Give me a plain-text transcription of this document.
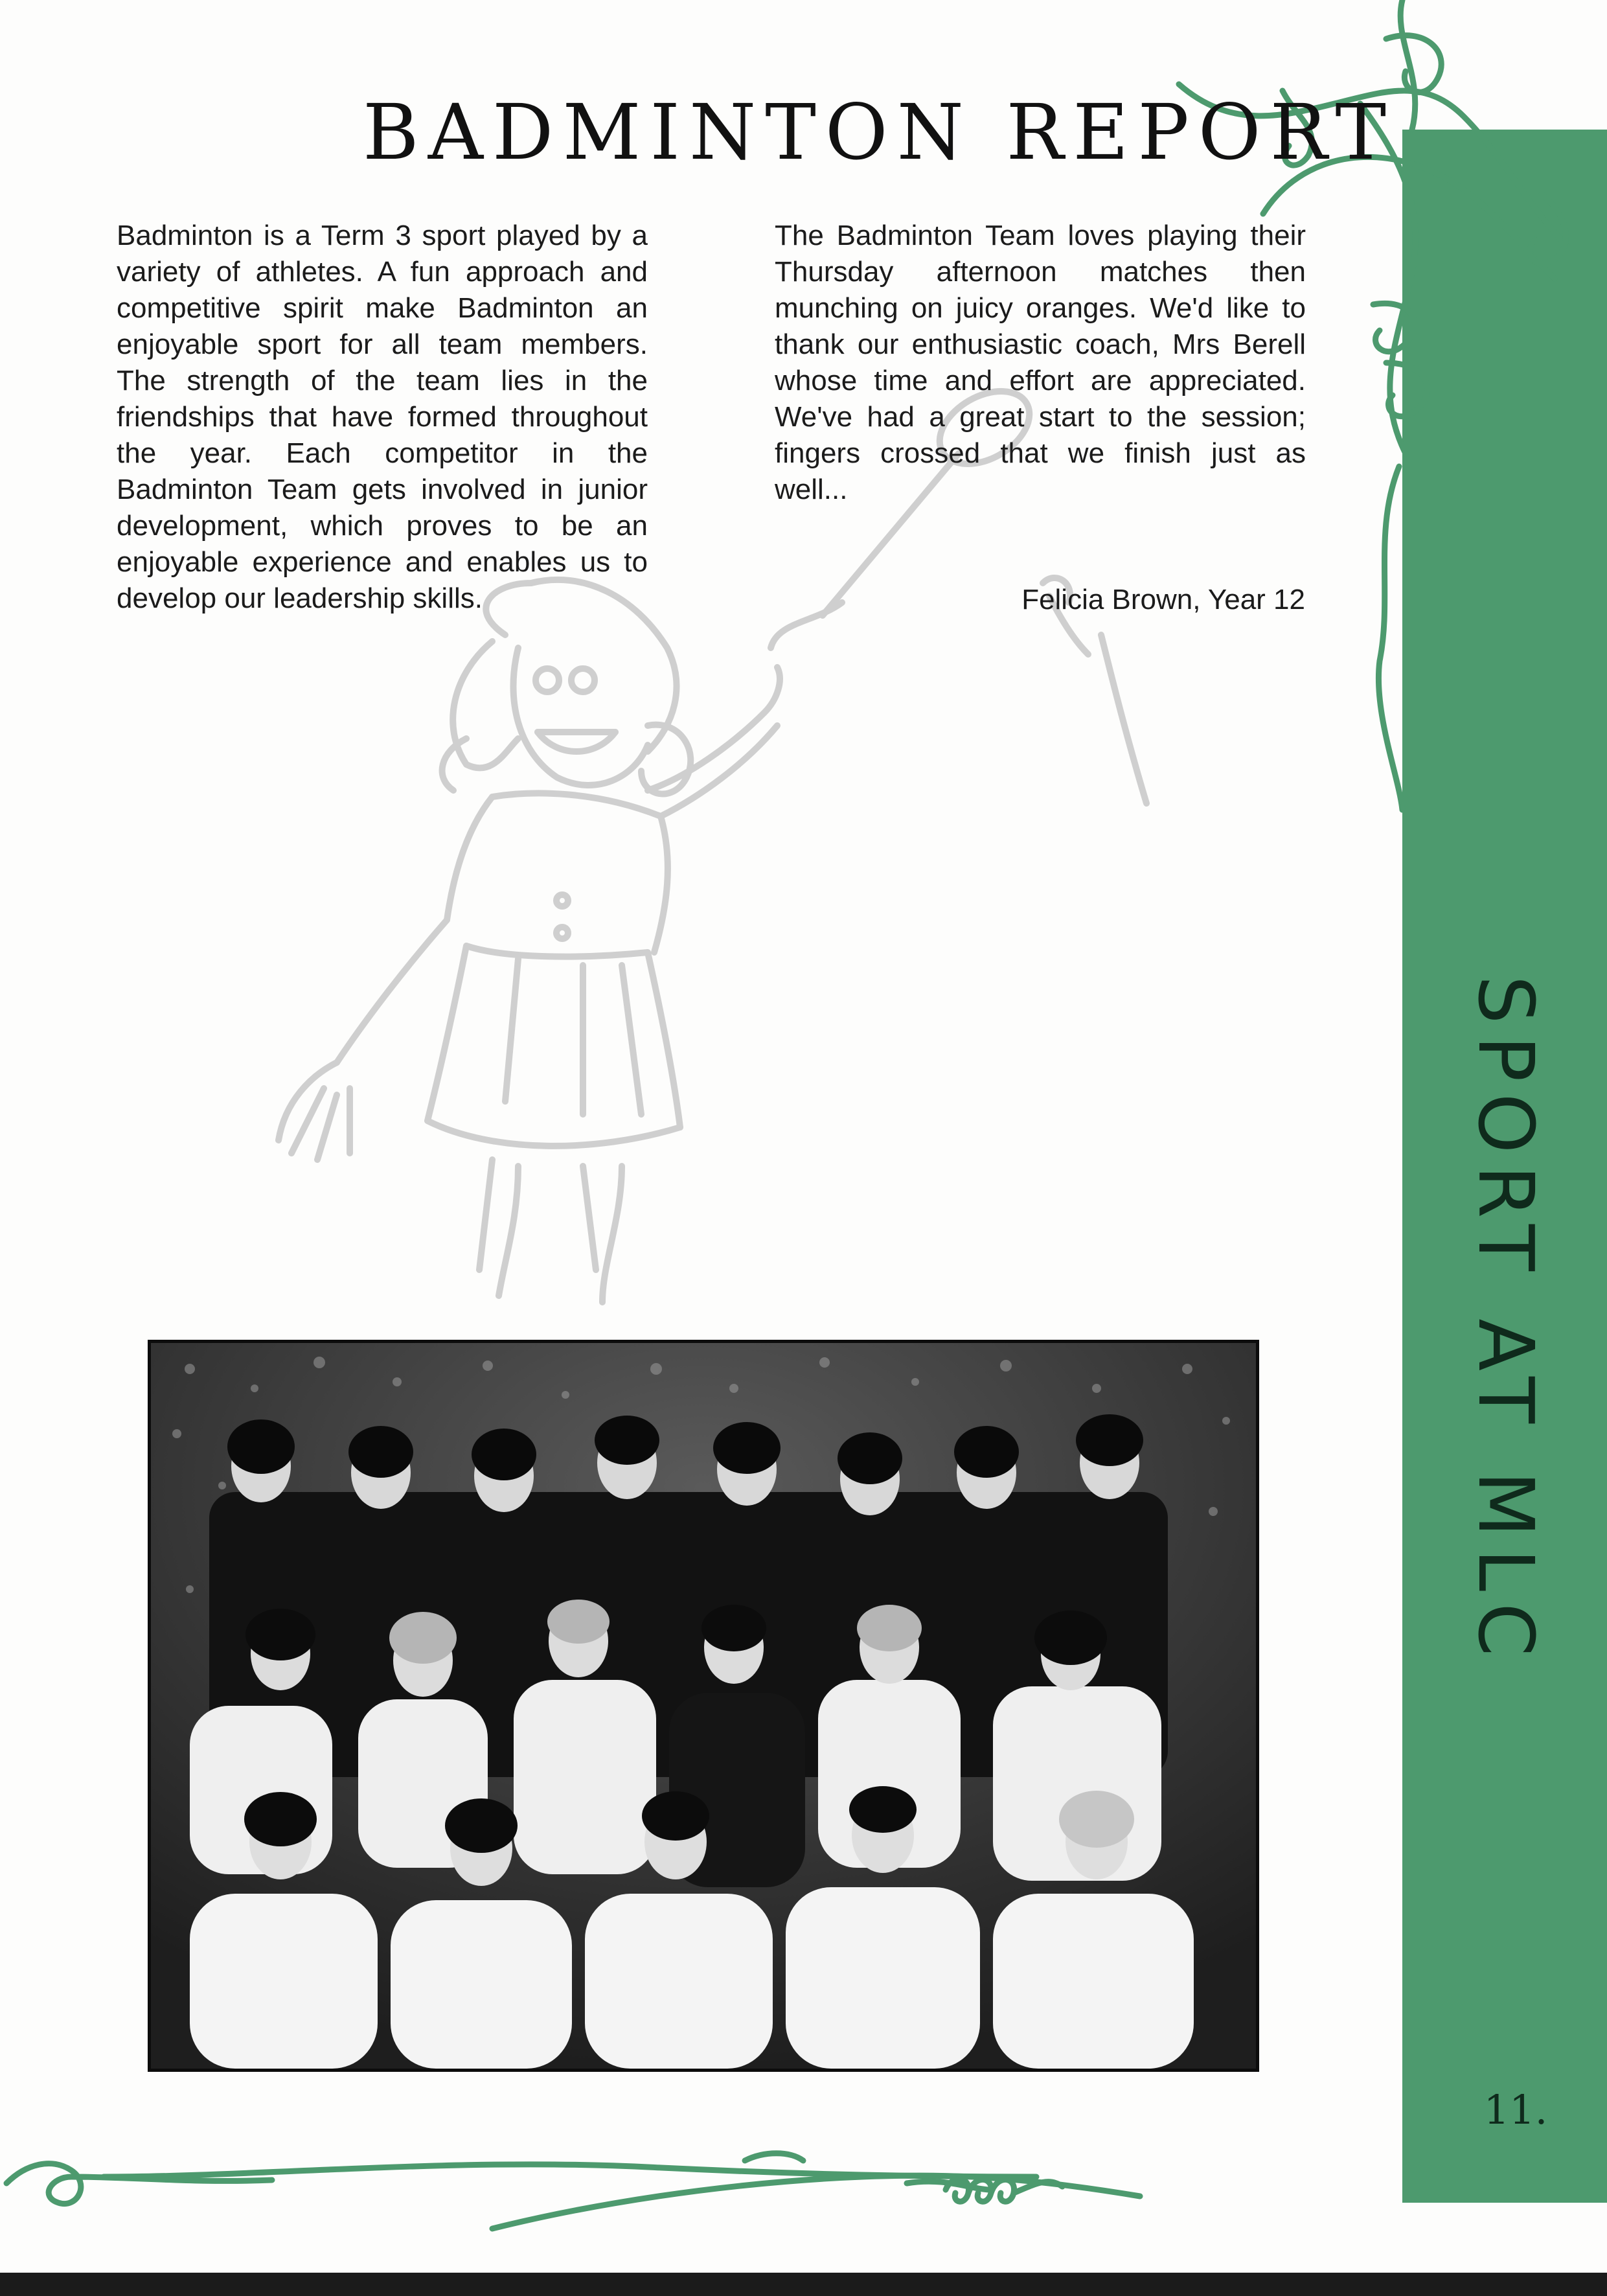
BADMINTON REPORT

Badminton is a Term 3 sport played by a variety of athletes. A fun approach and competitive spirit make Badminton an enjoyable sport for all team members. The strength of the team lies in the friendships that have formed throughout the year. Each competitor in the Badminton Team gets involved in junior development, which proves to be an enjoyable experience and enables us to develop our leadership skills.

The Badminton Team loves playing their Thursday afternoon matches then munching on juicy oranges. We'd like to thank our enthusiastic coach, Mrs Berell whose time and effort are appreciated. We've had a great start to the session; fingers crossed that we finish just as well...

Felicia Brown, Year 12

SPORT AT MLC
11.
